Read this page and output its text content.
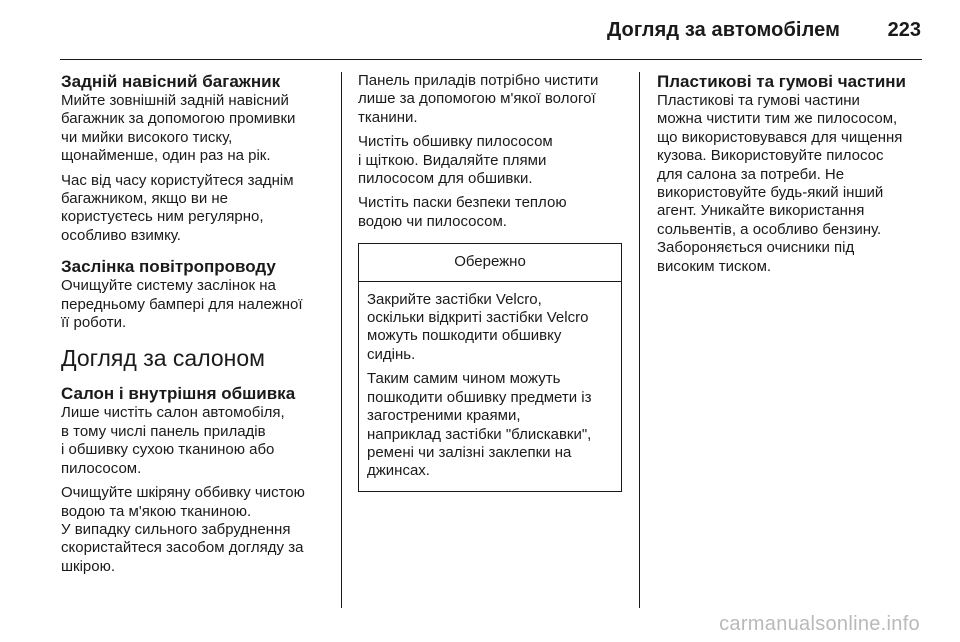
Догляд за автомобілем 223
Задній навісний багажник

Мийте зовнішній задній навісний
багажник за допомогою промивки
чи мийки високого тиску,
щонайменше, один раз на рік.

Час від часу користуйтеся заднім
багажником, якщо ви не
користуєтесь ним регулярно,
особливо взимку.

Заслінка повітропроводу

Очищуйте систему заслінок на
передньому бампері для належної
її роботи.

Догляд за салоном
Салон і внутрішня обшивка

Лише чистіть салон автомобіля,
в тому числі панель приладів
і обшивку сухою тканиною або
пилососом.

Очищуйте шкіряну оббивку чистою
водою та м'якою тканиною.
У випадку сильного забруднення
скористайтеся засобом догляду за
шкірою.

Панель приладів потрібно чистити
лише за допомогою м'якої вологої
тканини.

Чистіть обшивку пилососом
і щіткою. Видаляйте плями
пилососом для обшивки.

Чистіть паски безпеки теплою
водою чи пилососом.

Обережно

Закрийте застібки Velcro,
оскільки відкриті застібки Velcro
можуть пошкодити обшивку
сидінь.

Таким самим чином можуть
пошкодити обшивку предмети із
загостреними краями,
наприклад застібки "блискавки",
ремені чи залізні заклепки на
джинсах.

Пластикові та гумові частини

Пластикові та гумові частини
можна чистити тим же пилососом,
що використовувався для чищення
кузова. Використовуйте пилосос
для салона за потреби. Не
використовуйте будь-який інший
агент. Уникайте використання
сольвентів, а особливо бензину.
Забороняється очисники під
високим тиском.

carmanualsonline.info
